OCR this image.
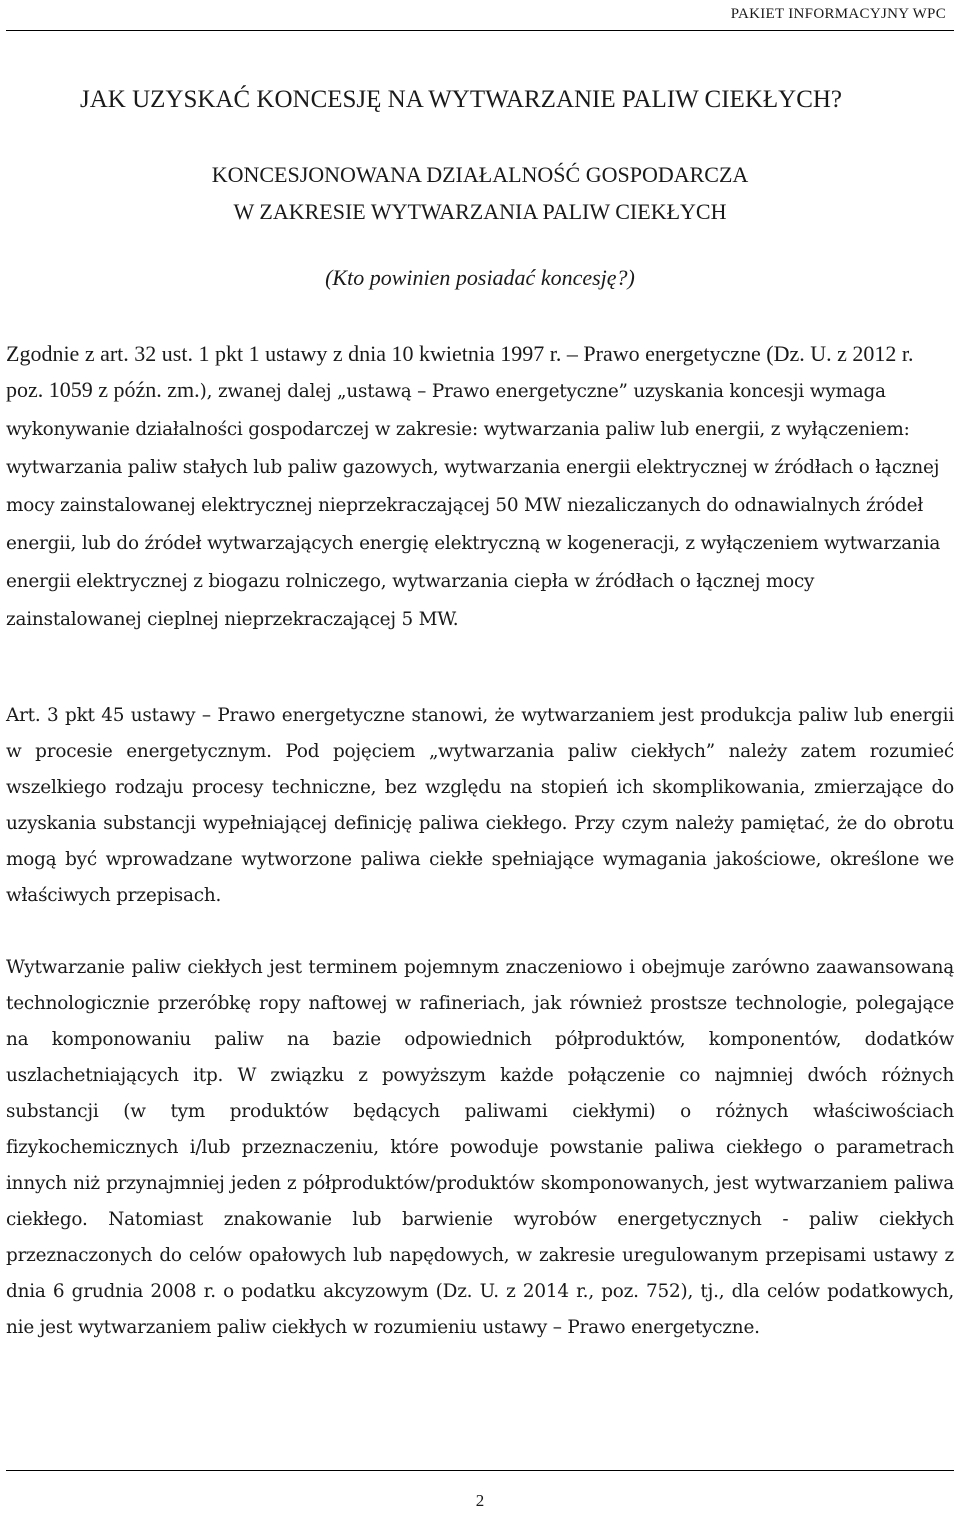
PAKIET INFORMACYJNY WPC
JAK UZYSKAĆ KONCESJĘ NA WYTWARZANIE PALIW CIEKŁYCH?
KONCESJONOWANA DZIAŁALNOŚĆ GOSPODARCZA
W ZAKRESIE WYTWARZANIA PALIW CIEKŁYCH
(Kto powinien posiadać koncesję?)

Zgodnie z art. 32 ust. 1 pkt 1 ustawy z dnia 10 kwietnia 1997 r. – Prawo energetyczne (Dz. U. z 2012 r. poz. 1059 z późn. zm.), zwanej dalej „ustawą – Prawo energetyczne” uzyskania koncesji wymaga wykonywanie działalności gospodarczej w zakresie: wytwarzania paliw lub energii, z wyłączeniem: wytwarzania paliw stałych lub paliw gazowych, wytwarzania energii elektrycznej w źródłach o łącznej mocy zainstalowanej elektrycznej nieprzekraczającej 50 MW niezaliczanych do odnawialnych źródeł energii, lub do źródeł wytwarzających energię elektryczną w kogeneracji, z wyłączeniem wytwarzania energii elektrycznej z biogazu rolniczego, wytwarzania ciepła w źródłach o łącznej mocy zainstalowanej cieplnej nieprzekraczającej 5 MW.

Art. 3 pkt 45 ustawy – Prawo energetyczne stanowi, że wytwarzaniem jest produkcja paliw lub energii w procesie energetycznym. Pod pojęciem „wytwarzania paliw ciekłych” należy zatem rozumieć wszelkiego rodzaju procesy techniczne, bez względu na stopień ich skomplikowania, zmierzające do uzyskania substancji wypełniającej definicję paliwa ciekłego. Przy czym należy pamiętać, że do obrotu mogą być wprowadzane wytworzone paliwa ciekłe spełniające wymagania jakościowe, określone we właściwych przepisach.

Wytwarzanie paliw ciekłych jest terminem pojemnym znaczeniowo i obejmuje zarówno zaawansowaną technologicznie przeróbkę ropy naftowej w rafineriach, jak również prostsze technologie, polegające na komponowaniu paliw na bazie odpowiednich półproduktów, komponentów, dodatków uszlachetniających itp. W związku z powyższym każde połączenie co najmniej dwóch różnych substancji (w tym produktów będących paliwami ciekłymi) o różnych właściwościach fizykochemicznych i/lub przeznaczeniu, które powoduje powstanie paliwa ciekłego o parametrach innych niż przynajmniej jeden z półproduktów/produktów skomponowanych, jest wytwarzaniem paliwa ciekłego. Natomiast znakowanie lub barwienie wyrobów energetycznych - paliw ciekłych przeznaczonych do celów opałowych lub napędowych, w zakresie uregulowanym przepisami ustawy z dnia 6 grudnia 2008 r. o podatku akcyzowym (Dz. U. z 2014 r., poz. 752), tj., dla celów podatkowych, nie jest wytwarzaniem paliw ciekłych w rozumieniu ustawy – Prawo energetyczne.

2
